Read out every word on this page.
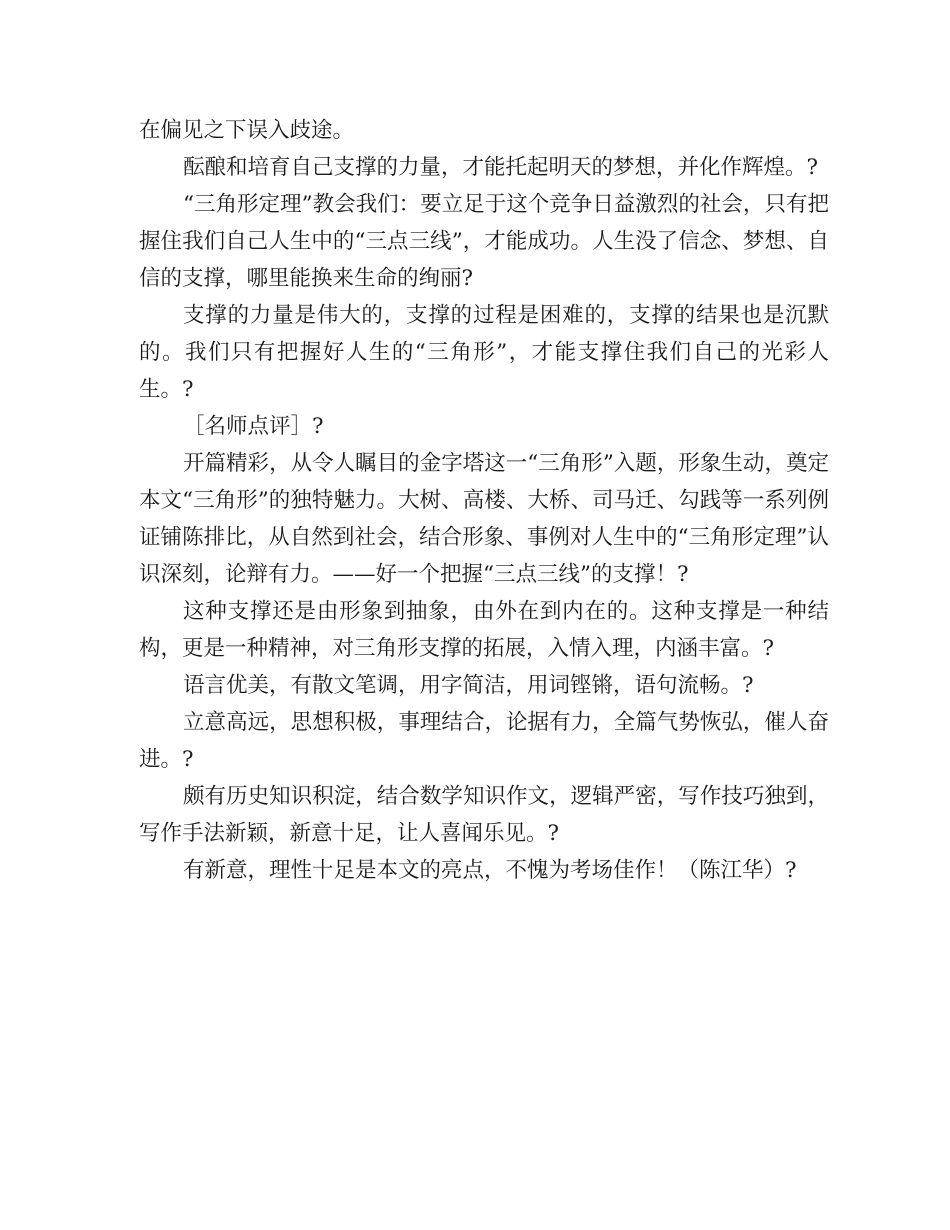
在偏见之下误入歧途。

酝酿和培育自己支撑的力量，才能托起明天的梦想，并化作辉煌。?

“三角形定理”教会我们：要立足于这个竞争日益激烈的社会，只有把握住我们自己人生中的“三点三线”，才能成功。人生没了信念、梦想、自信的支撑，哪里能换来生命的绚丽?

支撑的力量是伟大的，支撑的过程是困难的，支撑的结果也是沉默的。我们只有把握好人生的“三角形”，才能支撑住我们自己的光彩人生。?

［名师点评］?

开篇精彩，从令人瞩目的金字塔这一“三角形”入题，形象生动，奠定本文“三角形”的独特魅力。大树、高楼、大桥、司马迁、勾践等一系列例证铺陈排比，从自然到社会，结合形象、事例对人生中的“三角形定理”认识深刻，论辩有力。——好一个把握“三点三线”的支撑！?

这种支撑还是由形象到抽象，由外在到内在的。这种支撑是一种结构，更是一种精神，对三角形支撑的拓展，入情入理，内涵丰富。?

语言优美，有散文笔调，用字简洁，用词铿锵，语句流畅。?

立意高远，思想积极，事理结合，论据有力，全篇气势恢弘，催人奋进。?

颇有历史知识积淀，结合数学知识作文，逻辑严密，写作技巧独到，写作手法新颖，新意十足，让人喜闻乐见。?

有新意，理性十足是本文的亮点，不愧为考场佳作！（陈江华）?
